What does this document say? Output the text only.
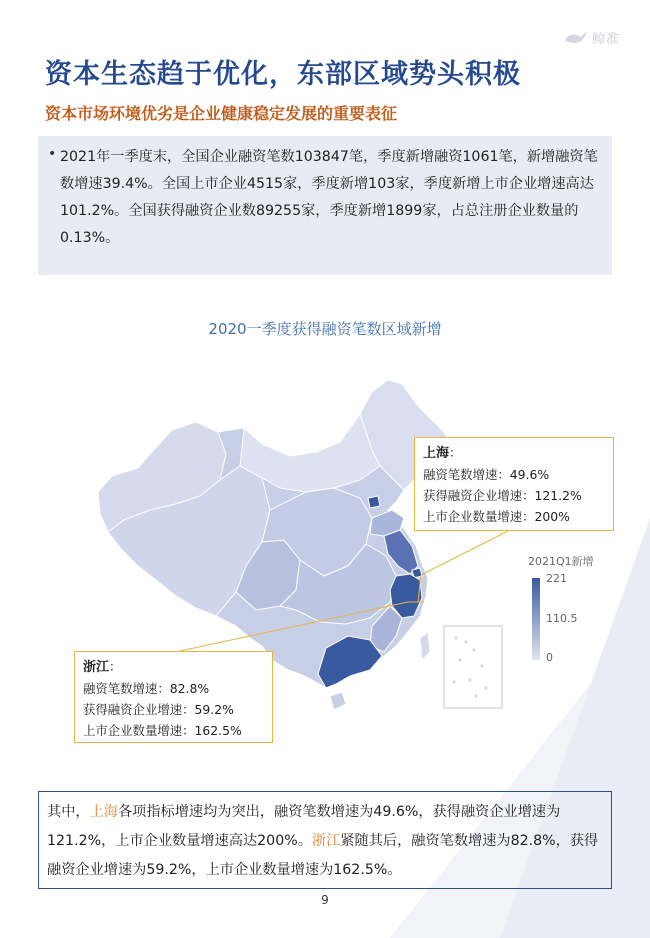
鲸准
资本生态趋于优化，东部区域势头积极
资本市场环境优劣是企业健康稳定发展的重要表征
• 2021年一季度末，全国企业融资笔数103847笔，季度新增融资1061笔，新增融资笔数增速39.4%。全国上市企业4515家，季度新增103家，季度新增上市企业增速高达101.2%。全国获得融资企业数89255家，季度新增1899家，占总注册企业数量的0.13%。

2020一季度获得融资笔数区域新增
上海：
融资笔数增速：49.6%
获得融资企业增速：121.2%
上市企业数量增速：200%
浙江：
融资笔数增速：82.8%
获得融资企业增速：59.2%
上市企业数量增速：162.5%
2021Q1新增
221
110.5
0
其中，上海各项指标增速均为突出，融资笔数增速为49.6%，获得融资企业增速为121.2%，上市企业数量增速高达200%。浙江紧随其后，融资笔数增速为82.8%，获得融资企业增速为59.2%，上市企业数量增速为162.5%。
9
